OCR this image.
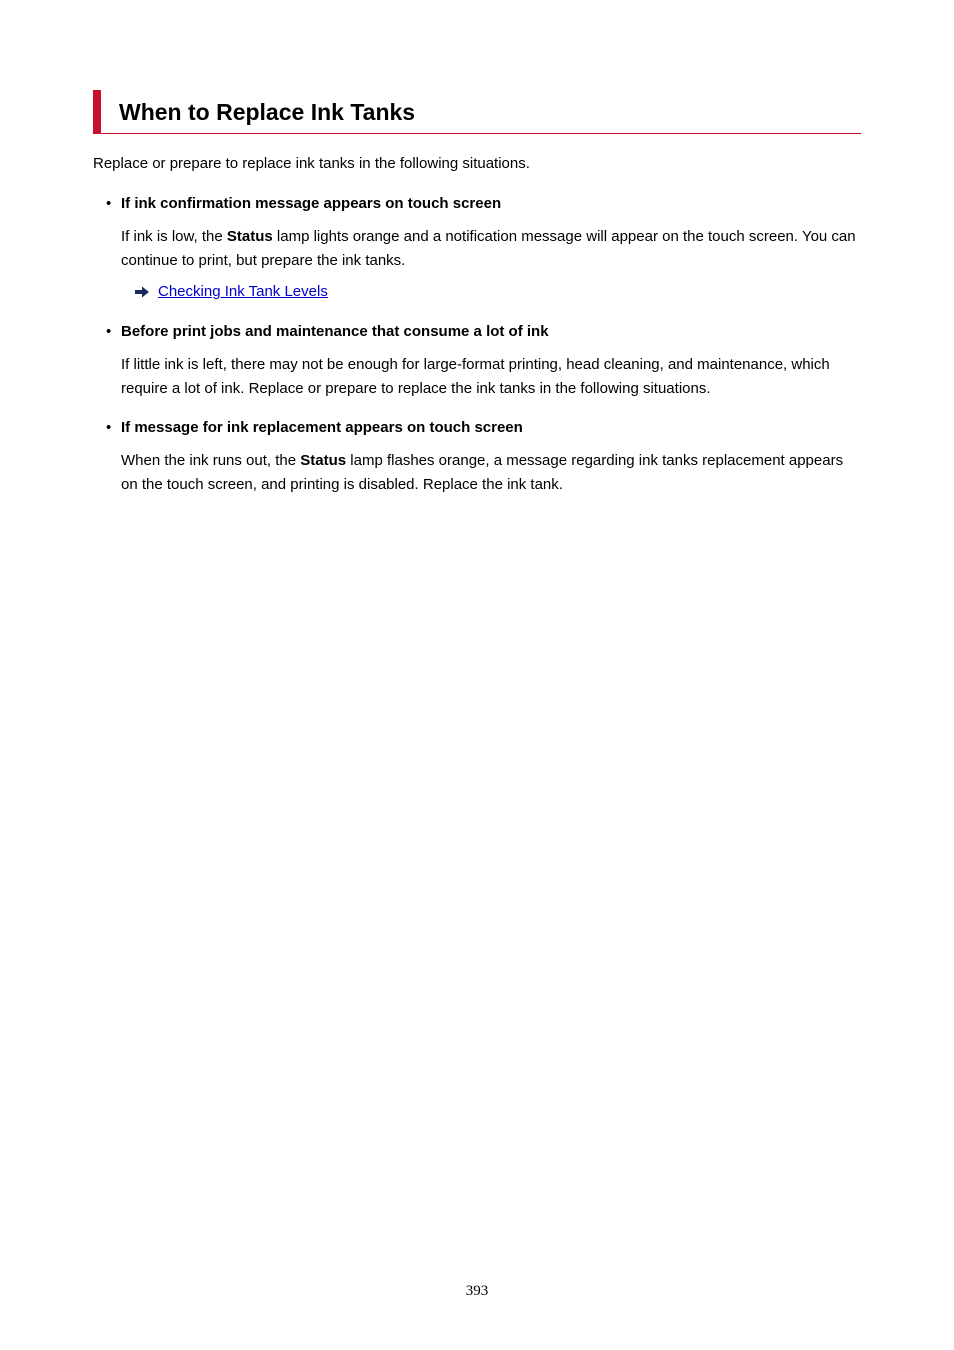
When to Replace Ink Tanks
Replace or prepare to replace ink tanks in the following situations.
• If ink confirmation message appears on touch screen
If ink is low, the Status lamp lights orange and a notification message will appear on the touch screen. You can continue to print, but prepare the ink tanks.
Checking Ink Tank Levels
• Before print jobs and maintenance that consume a lot of ink
If little ink is left, there may not be enough for large-format printing, head cleaning, and maintenance, which require a lot of ink. Replace or prepare to replace the ink tanks in the following situations.
• If message for ink replacement appears on touch screen
When the ink runs out, the Status lamp flashes orange, a message regarding ink tanks replacement appears on the touch screen, and printing is disabled. Replace the ink tank.
393
